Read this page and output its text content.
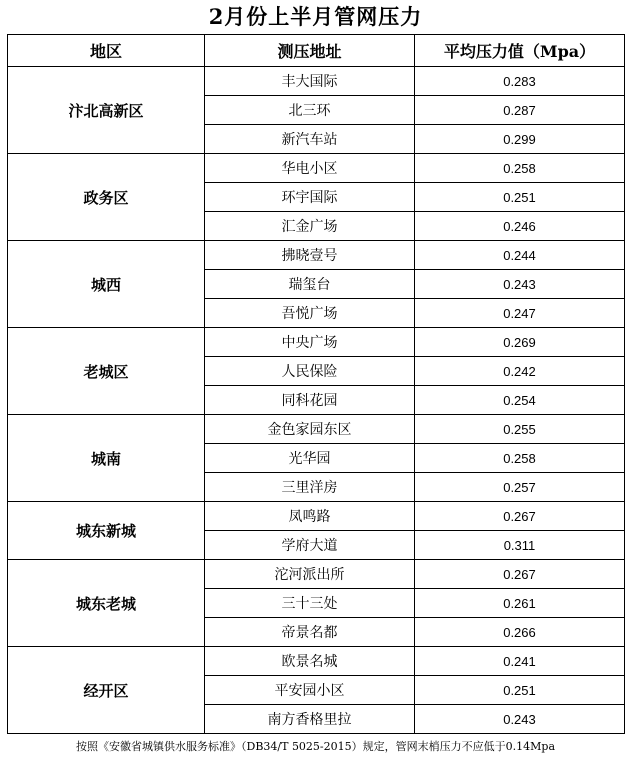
2月份上半月管网压力
地区	测压地址	平均压力值（Mpa）
汴北高新区	丰大国际	0.283
	北三环	0.287
	新汽车站	0.299
政务区	华电小区	0.258
	环宇国际	0.251
	汇金广场	0.246
城西	拂晓壹号	0.244
	瑞玺台	0.243
	吾悦广场	0.247
老城区	中央广场	0.269
	人民保险	0.242
	同科花园	0.254
城南	金色家园东区	0.255
	光华园	0.258
	三里洋房	0.257
城东新城	凤鸣路	0.267
	学府大道	0.311
城东老城	沱河派出所	0.267
	三十三处	0.261
	帝景名都	0.266
经开区	欧景名城	0.241
	平安园小区	0.251
	南方香格里拉	0.243
按照《安徽省城镇供水服务标准》（DB34/T 5025-2015）规定，管网末梢压力不应低于0.14Mpa
